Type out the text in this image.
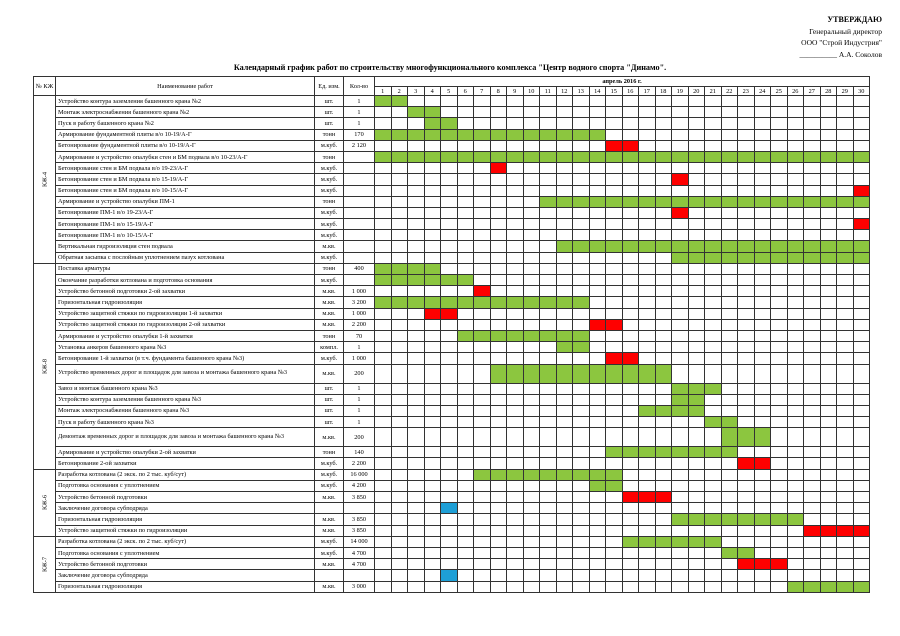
УТВЕРЖДАЮ
Генеральный директор
ООО "Строй Индустрия"
__________ А.А. Соколов
Календарный график работ по строительству многофункционального комплекса "Центр водного спорта "Динамо".
№ КЖ	Наименование работ	Ед. изм.	Кол-во	апрель 2016 г.																													
				1	2	3	4	5	6	7	8	9	10	11	12	13	14	15	16	17	18	19	20	21	22	23	24	25	26	27	28	29	30

КЖ-4	Устройство контура заземления башенного крана №2	шт.	1																														
	Монтаж электроснабжения башенного крана №2	шт.	1																														
	Пуск в работу башенного крана №2	шт.	1																														
	Армирование фундаментной плиты в/о 10-19/А-Г	тонн	170																														
	Бетонирование фундаментной плиты в/о 10-19/А-Г	м.куб.	2 120																														
	Армирование и устройство опалубки стен и БМ подвала в/о 10-23/А-Г	тонн																															
	Бетонирование стен и БМ подвала в/о 19-23/А-Г	м.куб.																															
	Бетонирование стен и БМ подвала в/о 15-19/А-Г	м.куб.																															
	Бетонирование стен и БМ подвала в/о 10-15/А-Г	м.куб.																															
	Армирование и устройство опалубки ПМ-1	тонн																															
	Бетонирование ПМ-1 в/о 19-23/А-Г	м.куб.																															
	Бетонирование ПМ-1 в/о 15-19/А-Г	м.куб.																															
	Бетонирование ПМ-1 в/о 10-15/А-Г	м.куб.																															
	Вертикальная гидроизоляция стен подвала	м.кв.																															
	Обратная засыпка с послойным уплотнением пазух котлована	м.куб.																															

КЖ-8	Поставка арматуры	тонн	400																														
	Окончание разработки котлована и подготовка основания	м.куб.																															
	Устройство бетонной подготовки 2-ой захватки	м.кв.	1 000																														
	Горизонтальная гидроизоляция	м.кв.	3 200																														
	Устройство защитной стяжки по гидроизоляции 1-й захватки	м.кв.	1 000																														
	Устройство защитной стяжки по гидроизоляции 2-ой захватки	м.кв.	2 200																														
	Армирование и устройство опалубки 1-й захватки	тонн	70																														
	Установка анкеров башенного крана №3	компл.	1																														
	Бетонирование 1-й захватки (в т.ч. фундамента башенного крана №3)	м.куб.	1 000																														
	Устройство временных дорог и площадок для завоза и монтажа башенного крана №3	м.кв.	200																														
	Завоз и монтаж башенного крана №3	шт.	1																														
	Устройство контура заземления башенного крана №3	шт.	1																														
	Монтаж электроснабжения башенного крана №3	шт.	1																														
	Пуск в работу башенного крана №3	шт.	1																														
	Демонтаж временных дорог и площадок для завоза и монтажа башенного крана №3	м.кв.	200																														
	Армирование и устройство опалубки 2-ой захватки	тонн	140																														
	Бетонирование 2-ой захватки	м.куб.	2 200																														

КЖ-6	Разработка котлована (2 экск. по 2 тыс. куб/сут)	м.куб.	16 000																														
	Подготовка основания с уплотнением	м.куб.	4 200																														
	Устройство бетонной подготовки	м.кв.	3 850																														
	Заключение договора субподряда																																
	Горизонтальная гидроизоляция	м.кв.	3 850																														
	Устройство защитной стяжки по гидроизоляции	м.кв.	3 850																														

КЖ-7	Разработка котлована (2 экск. по 2 тыс. куб/сут)	м.куб.	14 000																														
	Подготовка основания с уплотнением	м.куб.	4 700																														
	Устройство бетонной подготовки	м.кв.	4 700																														
	Заключение договора субподряда																																
	Горизонтальная гидроизоляция	м.кв.	3 000																														
